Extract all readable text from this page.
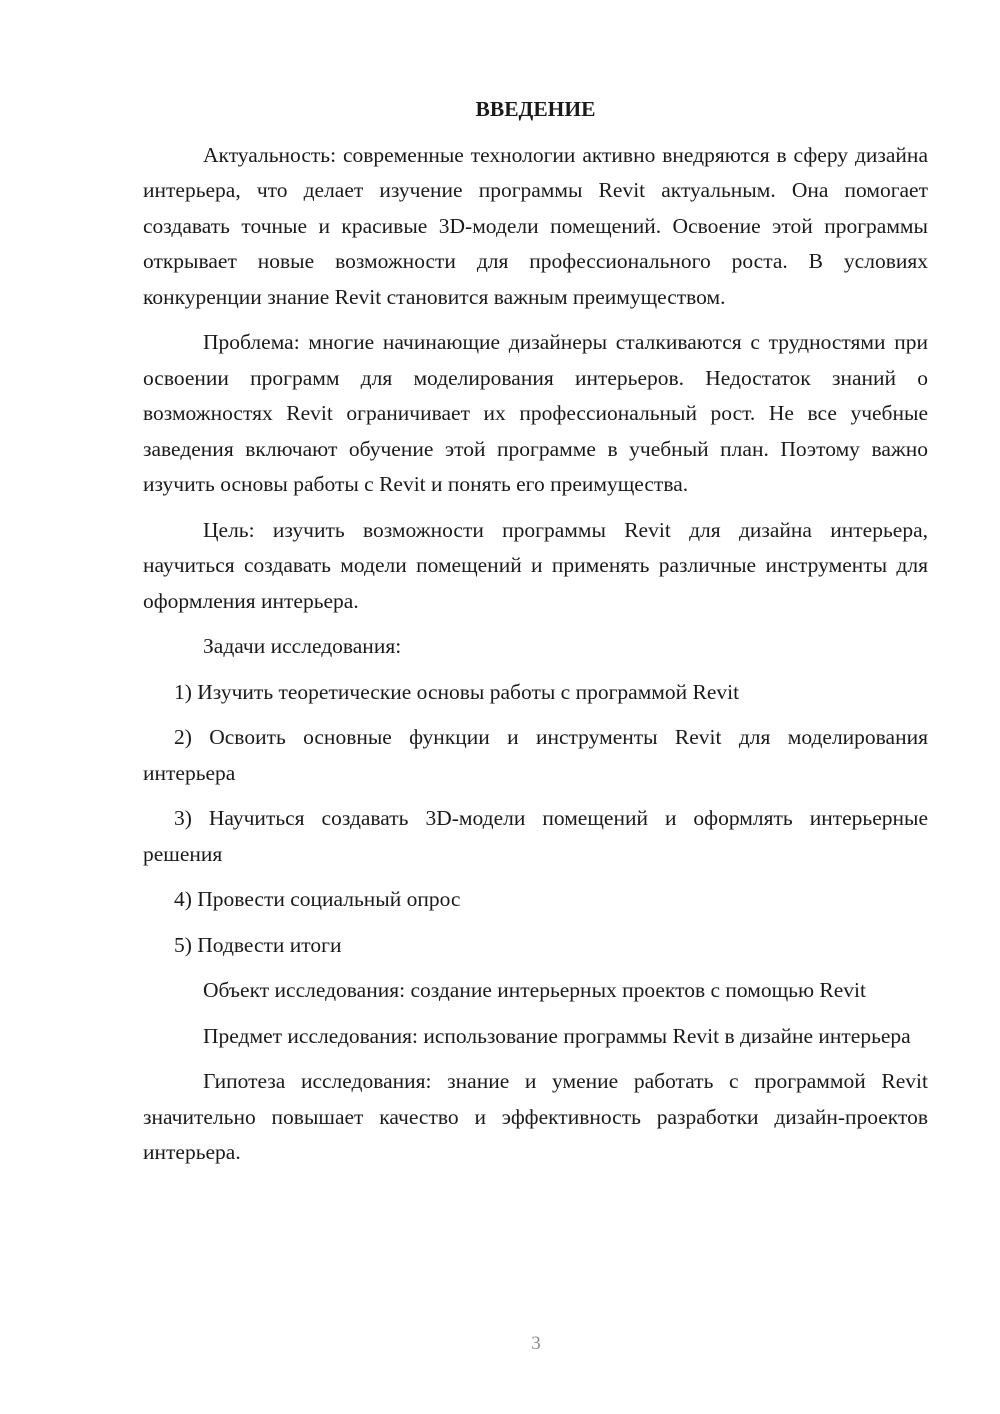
ВВЕДЕНИЕ

Актуальность: современные технологии активно внедряются в сферу дизайна интерьера, что делает изучение программы Revit актуальным. Она помогает создавать точные и красивые 3D-модели помещений. Освоение этой программы открывает новые возможности для профессионального роста. В условиях конкуренции знание Revit становится важным преимуществом.

Проблема: многие начинающие дизайнеры сталкиваются с трудностями при освоении программ для моделирования интерьеров. Недостаток знаний о возможностях Revit ограничивает их профессиональный рост. Не все учебные заведения включают обучение этой программе в учебный план. Поэтому важно изучить основы работы с Revit и понять его преимущества.

Цель: изучить возможности программы Revit для дизайна интерьера, научиться создавать модели помещений и применять различные инструменты для оформления интерьера.

Задачи исследования:

1) Изучить теоретические основы работы с программой Revit

2) Освоить основные функции и инструменты Revit для моделирования интерьера

3) Научиться создавать 3D-модели помещений и оформлять интерьерные решения

4) Провести социальный опрос

5) Подвести итоги

Объект исследования: создание интерьерных проектов с помощью Revit

Предмет исследования: использование программы Revit в дизайне интерьера

Гипотеза исследования: знание и умение работать с программой Revit значительно повышает качество и эффективность разработки дизайн-проектов интерьера.

3
